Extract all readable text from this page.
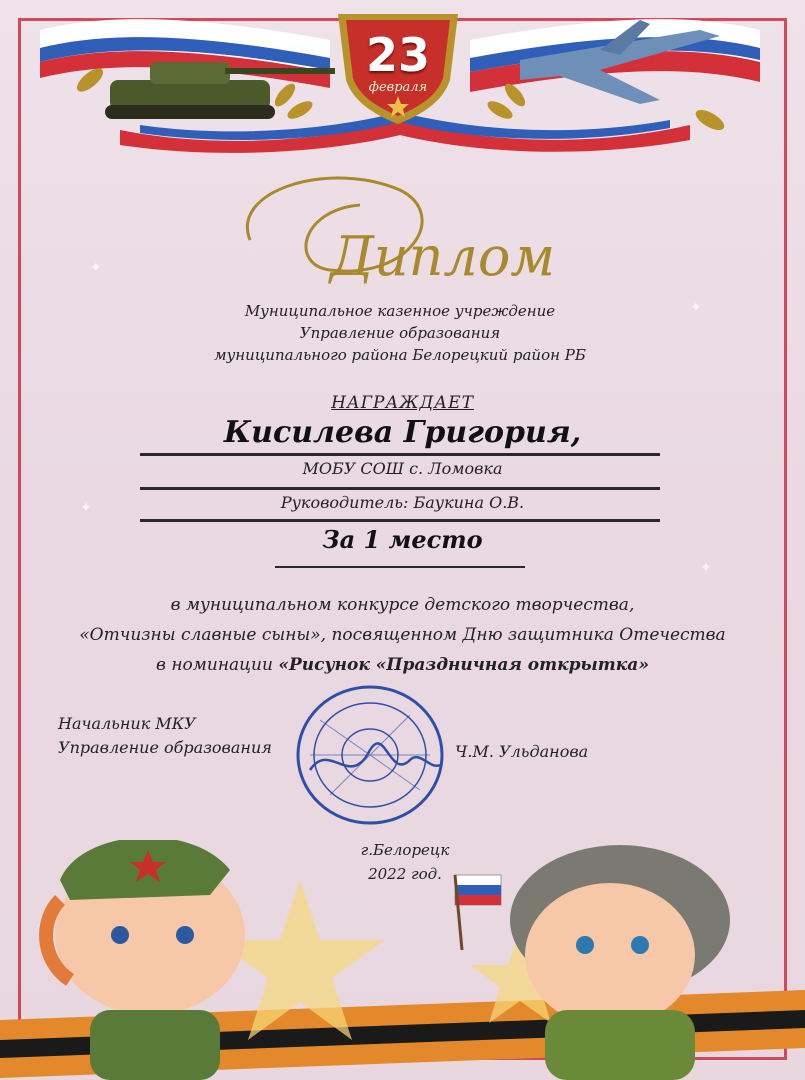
✦
✦
✦
✦
23
февраля
Диплом
Муниципальное казенное учреждение
Управление образования
муниципального района Белорецкий район РБ
НАГРАЖДАЕТ
Кисилева Григория,
МОБУ СОШ с. Ломовка
Руководитель: Баукина О.В.
За 1 место
в муниципальном конкурсе детского творчества,
«Отчизны славные сыны», посвященном Дню защитника Отечества
в номинации «Рисунок «Праздничная открытка»
Начальник МКУ
Управление образования	Ч.М. Ульданова
г.Белорецк
2022 год.
